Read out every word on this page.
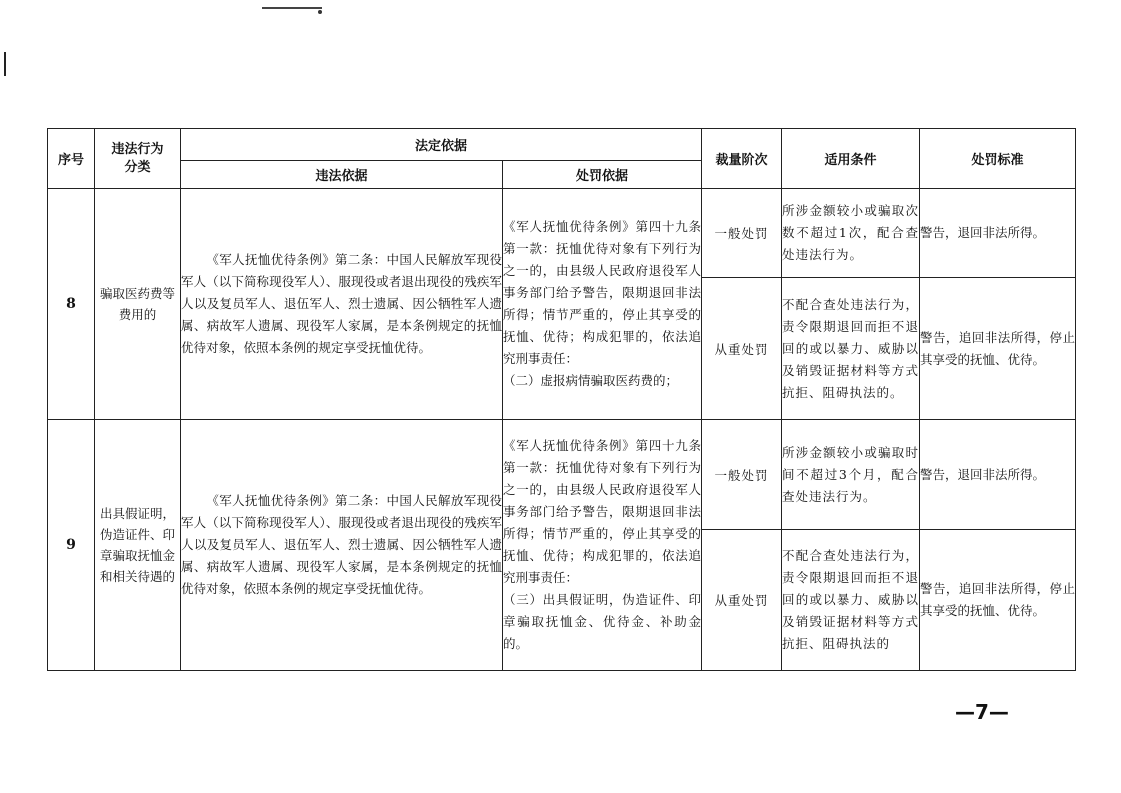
序号	违法行为分类	法定依据		裁量阶次	适用条件	处罚标准
		违法依据	处罚依据			
8	骗取医药费等费用的	《军人抚恤优待条例》第二条：中国人民解放军现役军人（以下简称现役军人）、服现役或者退出现役的残疾军人以及复员军人、退伍军人、烈士遗属、因公牺牲军人遗属、病故军人遗属、现役军人家属，是本条例规定的抚恤优待对象，依照本条例的规定享受抚恤优待。	《军人抚恤优待条例》第四十九条第一款：抚恤优待对象有下列行为之一的，由县级人民政府退役军人事务部门给予警告，限期退回非法所得；情节严重的，停止其享受的抚恤、优待；构成犯罪的，依法追究刑事责任：
（二）虚报病情骗取医药费的；	一般处罚	所涉金额较小或骗取次数不超过1次，配合查处违法行为。	警告，退回非法所得。
				从重处罚	不配合查处违法行为，责令限期退回而拒不退回的或以暴力、威胁以及销毁证据材料等方式抗拒、阻碍执法的。	警告，追回非法所得，停止其享受的抚恤、优待。
9	出具假证明，伪造证件、印章骗取抚恤金和相关待遇的	《军人抚恤优待条例》第二条：中国人民解放军现役军人（以下简称现役军人）、服现役或者退出现役的残疾军人以及复员军人、退伍军人、烈士遗属、因公牺牲军人遗属、病故军人遗属、现役军人家属，是本条例规定的抚恤优待对象，依照本条例的规定享受抚恤优待。	《军人抚恤优待条例》第四十九条第一款：抚恤优待对象有下列行为之一的，由县级人民政府退役军人事务部门给予警告，限期退回非法所得；情节严重的，停止其享受的抚恤、优待；构成犯罪的，依法追究刑事责任：
（三）出具假证明，伪造证件、印章骗取抚恤金、优待金、补助金的。	一般处罚	所涉金额较小或骗取时间不超过3个月，配合查处违法行为。	警告，退回非法所得。
				从重处罚	不配合查处违法行为，责令限期退回而拒不退回的或以暴力、威胁以及销毁证据材料等方式抗拒、阻碍执法的	警告，追回非法所得，停止其享受的抚恤、优待。
—7—
